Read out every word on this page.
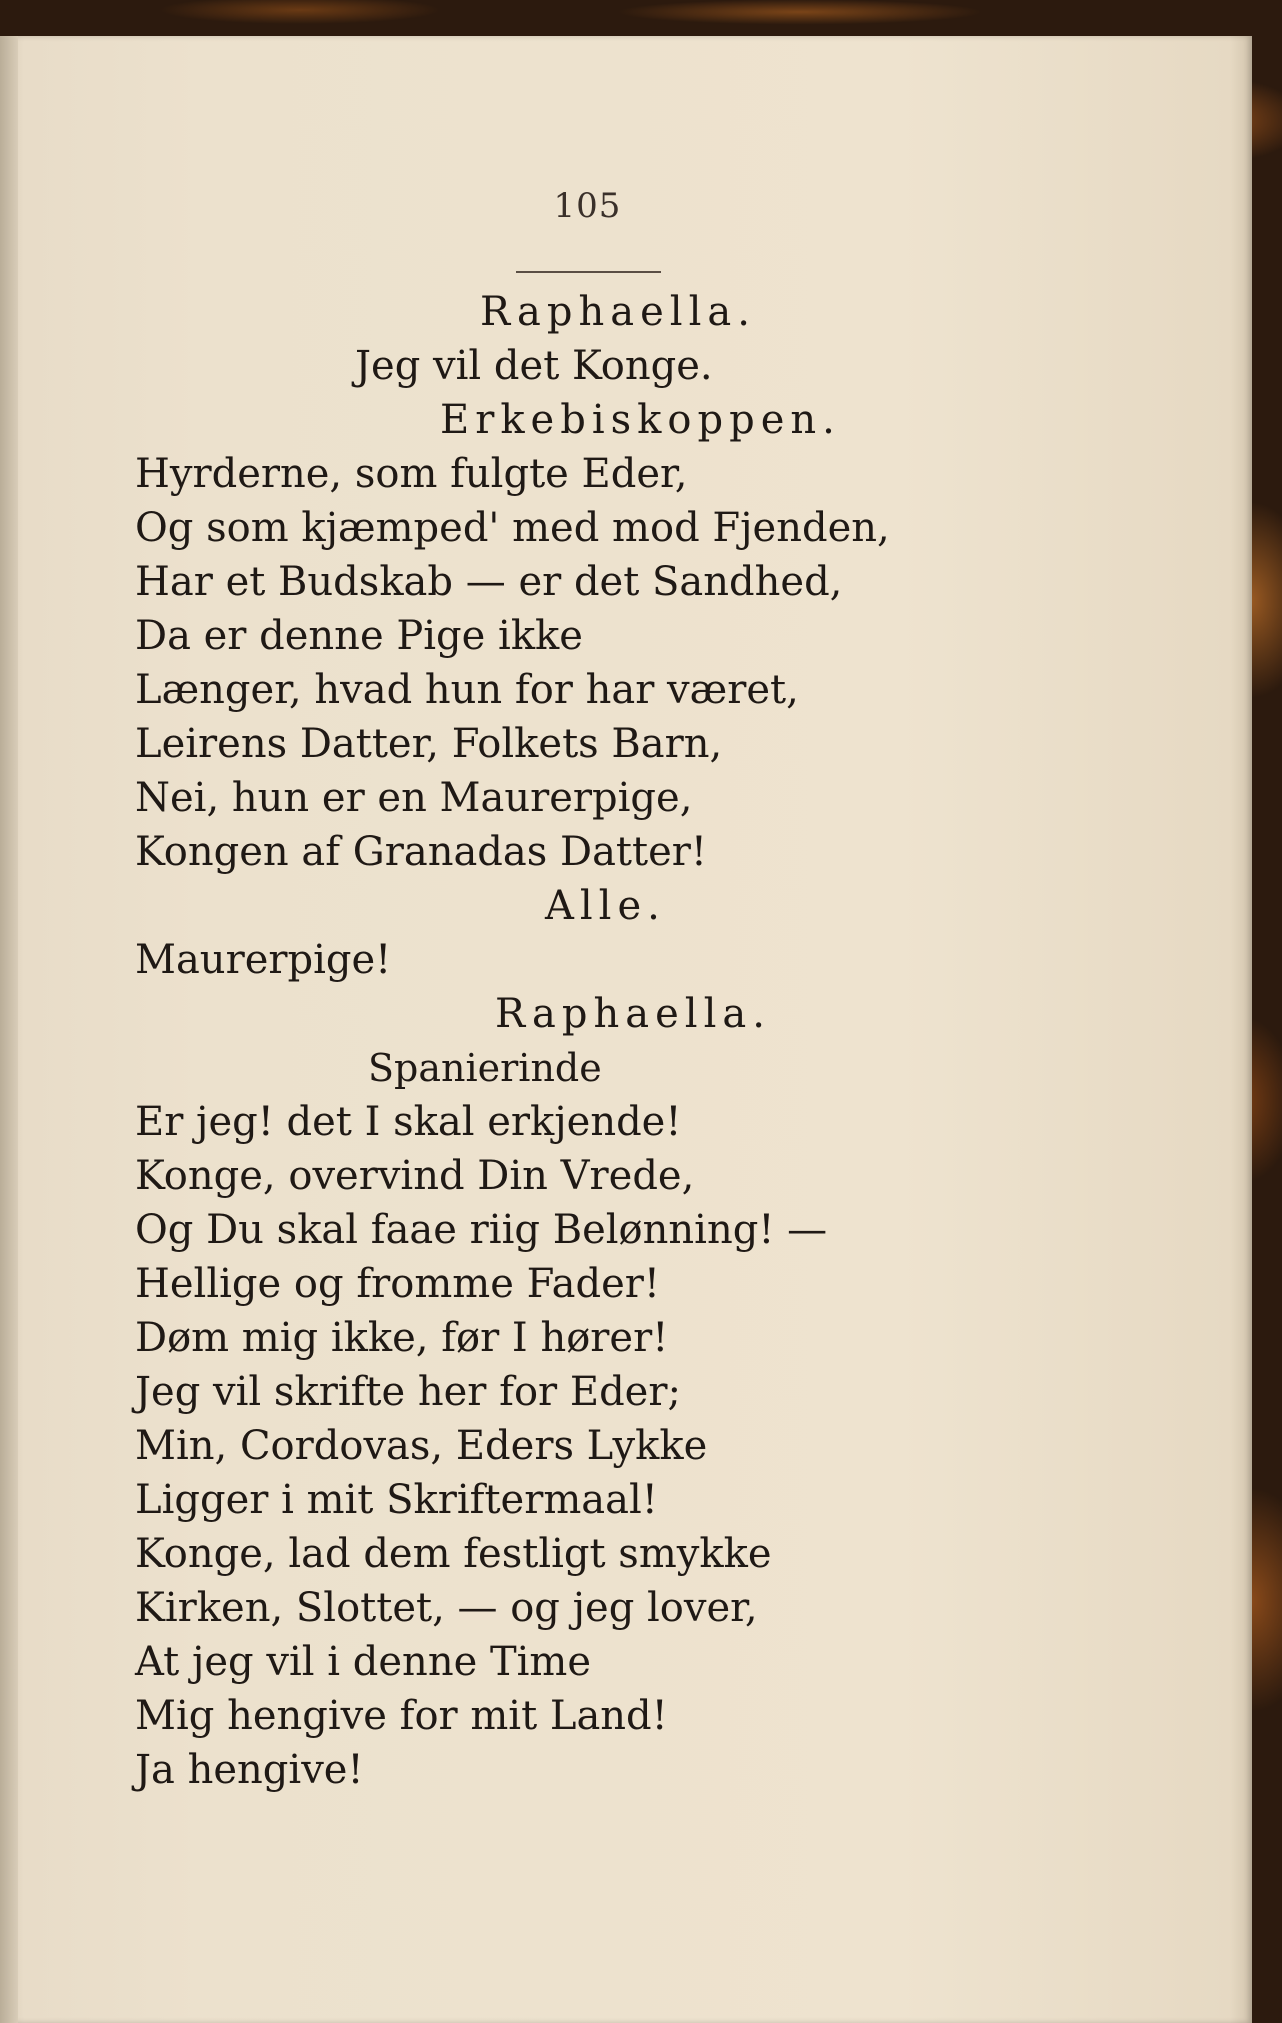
105
Raphaella.
Jeg vil det Konge.
Erkebiskoppen.
Hyrderne, som fulgte Eder,
Og som kjæmped' med mod Fjenden,
Har et Budskab — er det Sandhed,
Da er denne Pige ikke
Længer, hvad hun for har været,
Leirens Datter, Folkets Barn,
Nei, hun er en Maurerpige,
Kongen af Granadas Datter!
Alle.
Maurerpige!
Raphaella.
Spanierinde
Er jeg! det I skal erkjende!
Konge, overvind Din Vrede,
Og Du skal faae riig Belønning! —
Hellige og fromme Fader!
Døm mig ikke, før I hører!
Jeg vil skrifte her for Eder;
Min, Cordovas, Eders Lykke
Ligger i mit Skriftermaal!
Konge, lad dem festligt smykke
Kirken, Slottet, — og jeg lover,
At jeg vil i denne Time
Mig hengive for mit Land!
Ja hengive!
